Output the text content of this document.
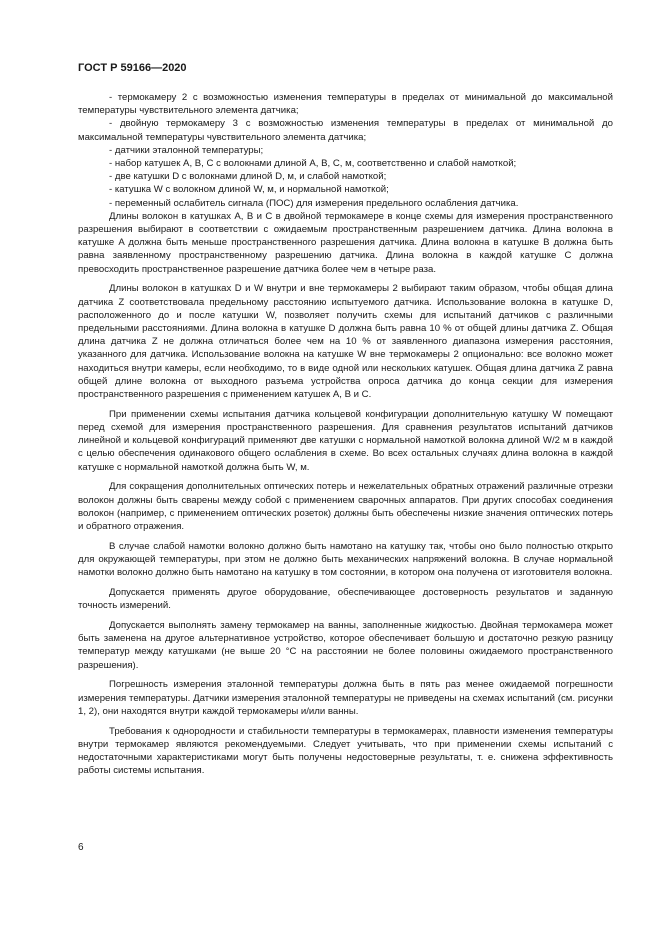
ГОСТ Р 59166—2020

- термокамеру 2 с возможностью изменения температуры в пределах от минимальной до максимальной температуры чувствительного элемента датчика;

- двойную термокамеру 3 с возможностью изменения температуры в пределах от минимальной до максимальной температуры чувствительного элемента датчика;

- датчики эталонной температуры;

- набор катушек A, B, C с волокнами длиной A, B, C, м, соответственно и слабой намоткой;

- две катушки D с волокнами длиной D, м, и слабой намоткой;

- катушка W с волокном длиной W, м, и нормальной намоткой;

- переменный ослабитель сигнала (ПОС) для измерения предельного ослабления датчика.

Длины волокон в катушках A, B и C в двойной термокамере в конце схемы для измерения пространственного разрешения выбирают в соответствии с ожидаемым пространственным разрешением датчика. Длина волокна в катушке A должна быть меньше пространственного разрешения датчика. Длина волокна в катушке B должна быть равна заявленному пространственному разрешению датчика. Длина волокна в каждой катушке C должна превосходить пространственное разрешение датчика более чем в четыре раза.

Длины волокон в катушках D и W внутри и вне термокамеры 2 выбирают таким образом, чтобы общая длина датчика Z соответствовала предельному расстоянию испытуемого датчика. Использование волокна в катушке D, расположенного до и после катушки W, позволяет получить схемы для испытаний датчиков с различными предельными расстояниями. Длина волокна в катушке D должна быть равна 10 % от общей длины датчика Z. Общая длина датчика Z не должна отличаться более чем на 10 % от заявленного диапазона измерения расстояния, указанного для датчика. Использование волокна на катушке W вне термокамеры 2 опционально: все волокно может находиться внутри камеры, если необходимо, то в виде одной или нескольких катушек. Общая длина датчика Z равна общей длине волокна от выходного разъема устройства опроса датчика до конца секции для измерения пространственного разрешения с применением катушек A, B и C.

При применении схемы испытания датчика кольцевой конфигурации дополнительную катушку W помещают перед схемой для измерения пространственного разрешения. Для сравнения результатов испытаний датчиков линейной и кольцевой конфигураций применяют две катушки с нормальной намоткой волокна длиной W/2 м в каждой с целью обеспечения одинакового общего ослабления в схеме. Во всех остальных случаях длина волокна в каждой катушке с нормальной намоткой должна быть W, м.

Для сокращения дополнительных оптических потерь и нежелательных обратных отражений различные отрезки волокон должны быть сварены между собой с применением сварочных аппаратов. При других способах соединения волокон (например, с применением оптических розеток) должны быть обеспечены низкие значения оптических потерь и обратного отражения.

В случае слабой намотки волокно должно быть намотано на катушку так, чтобы оно было полностью открыто для окружающей температуры, при этом не должно быть механических напряжений волокна. В случае нормальной намотки волокно должно быть намотано на катушку в том состоянии, в котором она получена от изготовителя волокна.

Допускается применять другое оборудование, обеспечивающее достоверность результатов и заданную точность измерений.

Допускается выполнять замену термокамер на ванны, заполненные жидкостью. Двойная термокамера может быть заменена на другое альтернативное устройство, которое обеспечивает большую и достаточно резкую разницу температур между катушками (не выше 20 °C на расстоянии не более половины ожидаемого пространственного разрешения).

Погрешность измерения эталонной температуры должна быть в пять раз менее ожидаемой погрешности измерения температуры. Датчики измерения эталонной температуры не приведены на схемах испытаний (см. рисунки 1, 2), они находятся внутри каждой термокамеры и/или ванны.

Требования к однородности и стабильности температуры в термокамерах, плавности изменения температуры внутри термокамер являются рекомендуемыми. Следует учитывать, что при применении схемы испытаний с недостаточными характеристиками могут быть получены недостоверные результаты, т. е. снижена эффективность работы системы испытания.

6
